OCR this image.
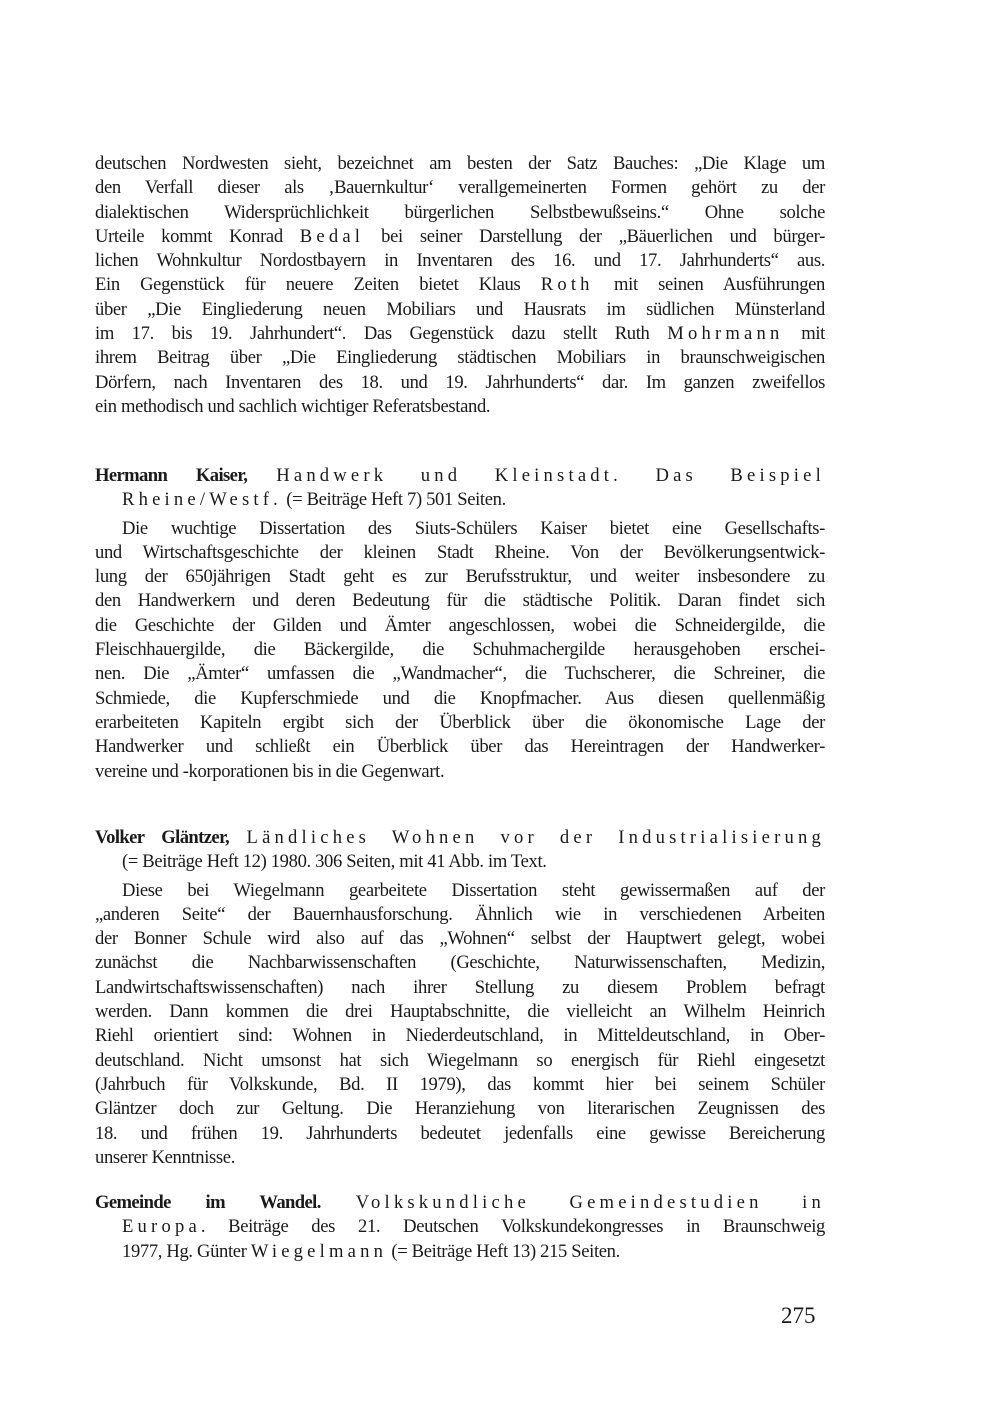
deutschen Nordwesten sieht, bezeichnet am besten der Satz Bauches: „Die Klage um
den Verfall dieser als ‚Bauernkultur‘ verallgemeinerten Formen gehört zu der
dialektischen Widersprüchlichkeit bürgerlichen Selbstbewußseins.“ Ohne solche
Urteile kommt Konrad Bedal bei seiner Darstellung der „Bäuerlichen und bürger-
lichen Wohnkultur Nordostbayern in Inventaren des 16. und 17. Jahrhunderts“ aus.
Ein Gegenstück für neuere Zeiten bietet Klaus Roth mit seinen Ausführungen
über „Die Eingliederung neuen Mobiliars und Hausrats im südlichen Münsterland
im 17. bis 19. Jahrhundert“. Das Gegenstück dazu stellt Ruth Mohrmann mit
ihrem Beitrag über „Die Eingliederung städtischen Mobiliars in braunschweigischen
Dörfern, nach Inventaren des 18. und 19. Jahrhunderts“ dar. Im ganzen zweifellos
ein methodisch und sachlich wichtiger Referatsbestand.
Hermann Kaiser, Handwerk und Kleinstadt. Das Beispiel
Rheine/Westf. (= Beiträge Heft 7) 501 Seiten.
Die wuchtige Dissertation des Siuts-Schülers Kaiser bietet eine Gesellschafts-
und Wirtschaftsgeschichte der kleinen Stadt Rheine. Von der Bevölkerungsentwick-
lung der 650jährigen Stadt geht es zur Berufsstruktur, und weiter insbesondere zu
den Handwerkern und deren Bedeutung für die städtische Politik. Daran findet sich
die Geschichte der Gilden und Ämter angeschlossen, wobei die Schneidergilde, die
Fleischhauergilde, die Bäckergilde, die Schuhmachergilde herausgehoben erschei-
nen. Die „Ämter“ umfassen die „Wandmacher“, die Tuchscherer, die Schreiner, die
Schmiede, die Kupferschmiede und die Knopfmacher. Aus diesen quellenmäßig
erarbeiteten Kapiteln ergibt sich der Überblick über die ökonomische Lage der
Handwerker und schließt ein Überblick über das Hereintragen der Handwerker-
vereine und -korporationen bis in die Gegenwart.
Volker Gläntzer, Ländliches Wohnen vor der Industrialisierung
(= Beiträge Heft 12) 1980. 306 Seiten, mit 41 Abb. im Text.
Diese bei Wiegelmann gearbeitete Dissertation steht gewissermaßen auf der
„anderen Seite“ der Bauernhausforschung. Ähnlich wie in verschiedenen Arbeiten
der Bonner Schule wird also auf das „Wohnen“ selbst der Hauptwert gelegt, wobei
zunächst die Nachbarwissenschaften (Geschichte, Naturwissenschaften, Medizin,
Landwirtschaftswissenschaften) nach ihrer Stellung zu diesem Problem befragt
werden. Dann kommen die drei Hauptabschnitte, die vielleicht an Wilhelm Heinrich
Riehl orientiert sind: Wohnen in Niederdeutschland, in Mitteldeutschland, in Ober-
deutschland. Nicht umsonst hat sich Wiegelmann so energisch für Riehl eingesetzt
(Jahrbuch für Volkskunde, Bd. II 1979), das kommt hier bei seinem Schüler
Gläntzer doch zur Geltung. Die Heranziehung von literarischen Zeugnissen des
18. und frühen 19. Jahrhunderts bedeutet jedenfalls eine gewisse Bereicherung
unserer Kenntnisse.
Gemeinde im Wandel. Volkskundliche Gemeindestudien in
Europa. Beiträge des 21. Deutschen Volkskundekongresses in Braunschweig
1977, Hg. Günter Wiegelmann (= Beiträge Heft 13) 215 Seiten.
275
